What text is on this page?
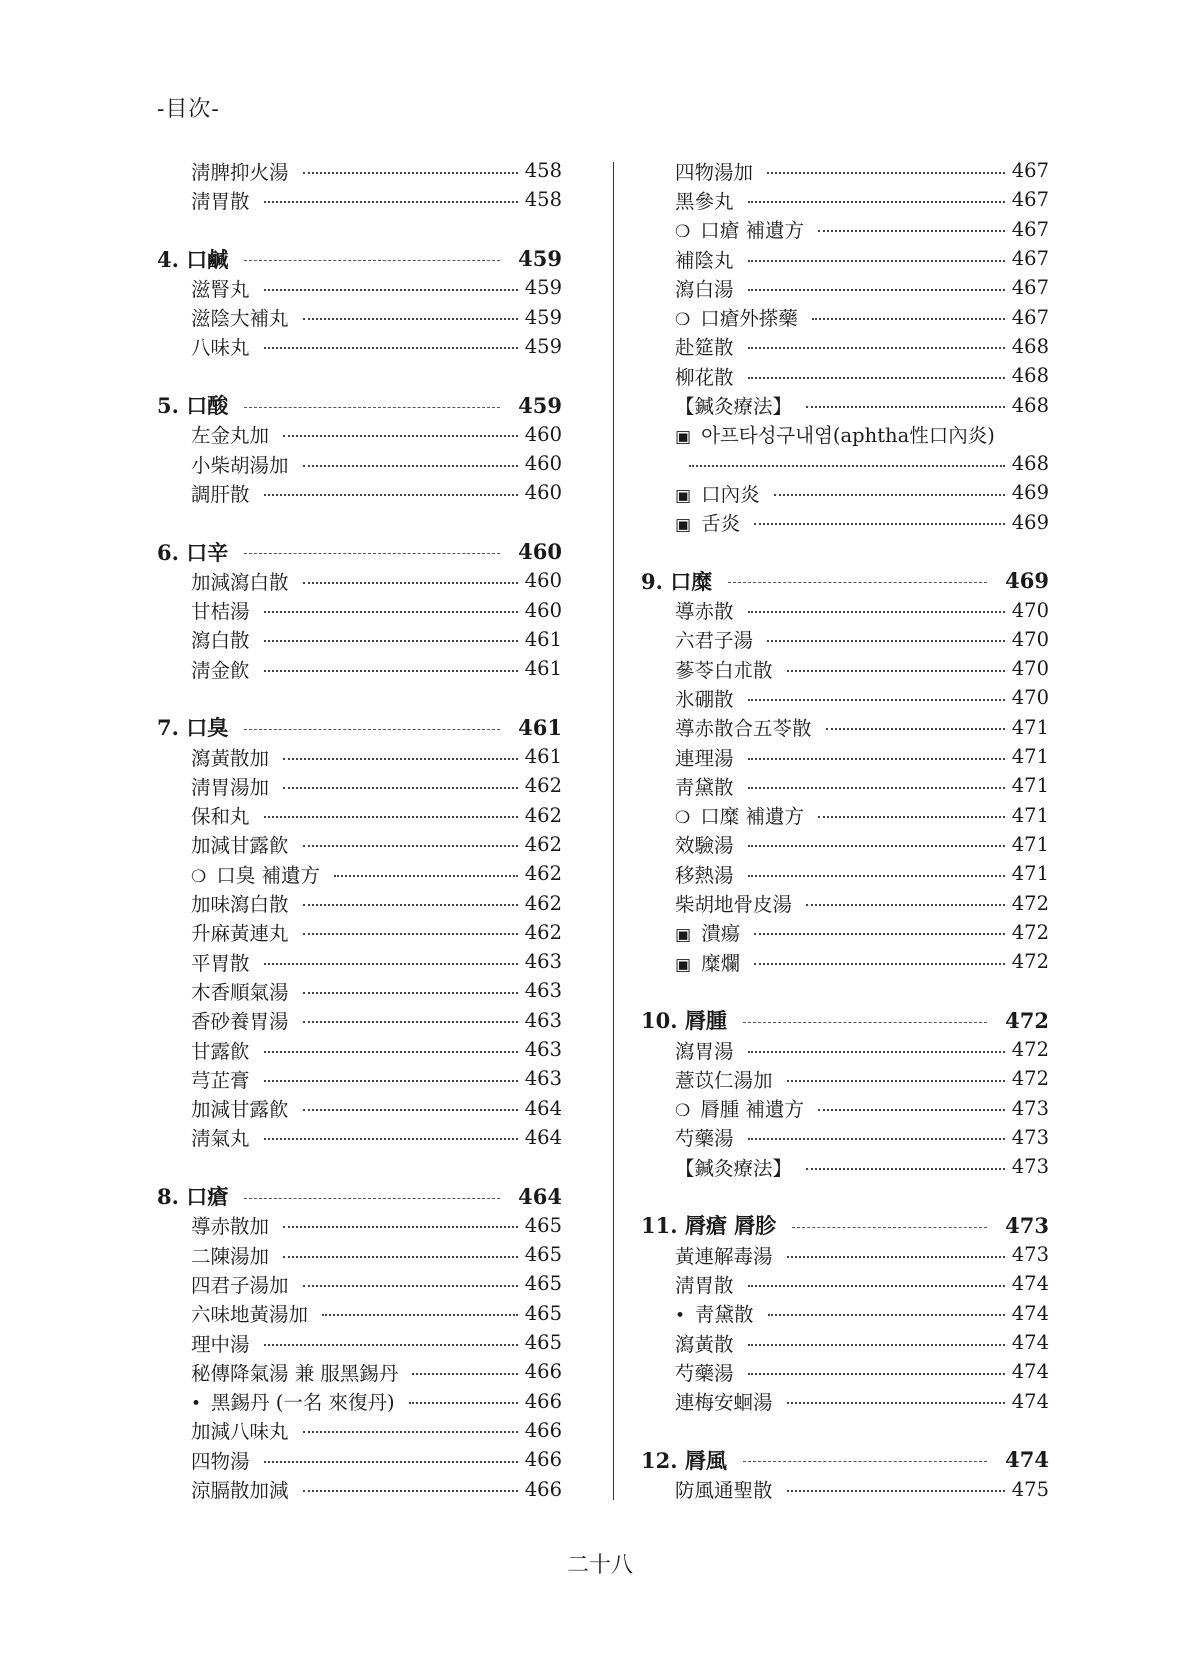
-目次-
淸脾抑火湯	458
淸胃散	458
4. 口鹹	459
滋腎丸	459
滋陰大補丸	459
八味丸	459
5. 口酸	459
左金丸加	460
小柴胡湯加	460
調肝散	460
6. 口辛	460
加減瀉白散	460
甘桔湯	460
瀉白散	461
淸金飮	461
7. 口臭	461
瀉黃散加	461
淸胃湯加	462
保和丸	462
加減甘露飮	462
❍ 口臭 補遺方	462
加味瀉白散	462
升麻黃連丸	462
平胃散	463
木香順氣湯	463
香砂養胃湯	463
甘露飮	463
芎芷膏	463
加減甘露飮	464
淸氣丸	464
8. 口瘡	464
導赤散加	465
二陳湯加	465
四君子湯加	465
六味地黃湯加	465
理中湯	465
秘傳降氣湯 兼 服黑錫丹	466
• 黑錫丹 (一名 來復丹)	466
加減八味丸	466
四物湯	466
涼膈散加減	466
四物湯加	467
黑參丸	467
❍ 口瘡 補遺方	467
補陰丸	467
瀉白湯	467
❍ 口瘡外搽藥	467
赴筵散	468
柳花散	468
【鍼灸療法】	468
▣ 아프타성구내염(aphtha性口內炎)
468
▣ 口內炎	469
▣ 舌炎	469
9. 口糜	469
導赤散	470
六君子湯	470
蔘苓白朮散	470
氷硼散	470
導赤散合五苓散	471
連理湯	471
靑黛散	471
❍ 口糜 補遺方	471
效驗湯	471
移熱湯	471
柴胡地骨皮湯	472
▣ 潰瘍	472
▣ 糜爛	472
10. 脣腫	472
瀉胃湯	472
薏苡仁湯加	472
❍ 脣腫 補遺方	473
芍藥湯	473
【鍼灸療法】	473
11. 脣瘡 脣胗	473
黃連解毒湯	473
淸胃散	474
• 靑黛散	474
瀉黃散	474
芍藥湯	474
連梅安蛔湯	474
12. 脣風	474
防風通聖散	475
二十八
